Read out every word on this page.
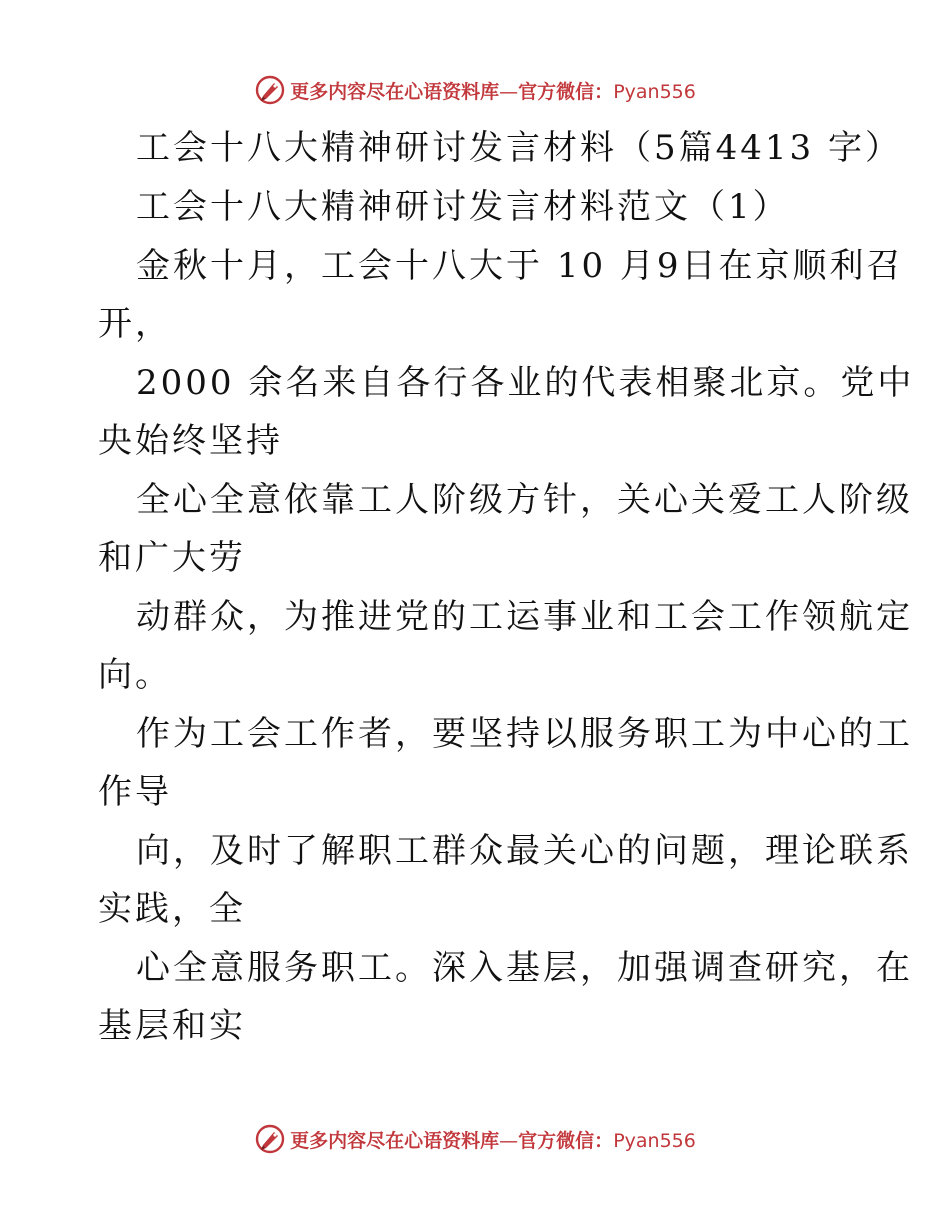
更多内容尽在心语资料库—官方微信：Pyan556
工会十八大精神研讨发言材料（5篇4413 字）
工会十八大精神研讨发言材料范文（1）
金秋十月，工会十八大于 10 月9日在京顺利召
开，
2000 余名来自各行各业的代表相聚北京。党中
央始终坚持
全心全意依靠工人阶级方针，关心关爱工人阶级
和广大劳
动群众，为推进党的工运事业和工会工作领航定
向。
作为工会工作者，要坚持以服务职工为中心的工
作导
向，及时了解职工群众最关心的问题，理论联系
实践，全
心全意服务职工。深入基层，加强调查研究，在
基层和实
更多内容尽在心语资料库—官方微信：Pyan556
